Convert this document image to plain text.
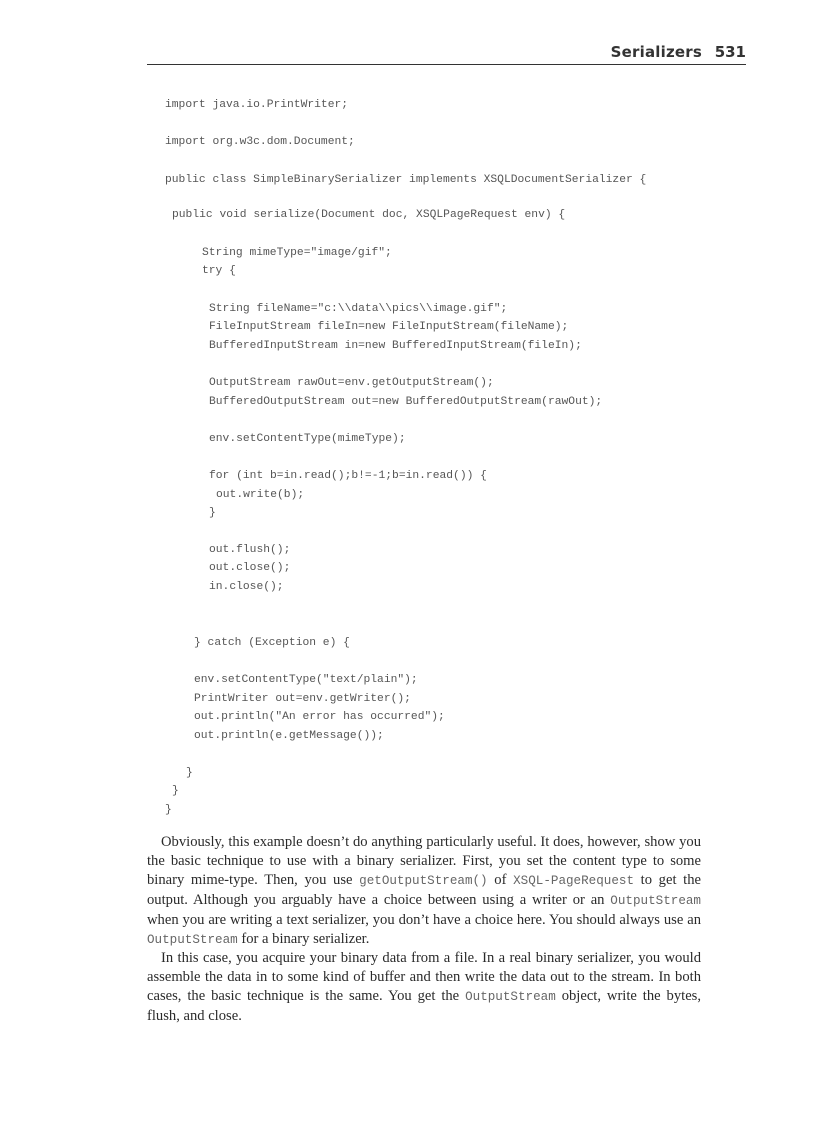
Serializers 531
import java.io.PrintWriter;
import org.w3c.dom.Document;
public class SimpleBinarySerializer implements XSQLDocumentSerializer {
public void serialize(Document doc, XSQLPageRequest env) {
String mimeType="image/gif";
try {
String fileName="c:\\data\\pics\\image.gif";
FileInputStream fileIn=new FileInputStream(fileName);
BufferedInputStream in=new BufferedInputStream(fileIn);
OutputStream rawOut=env.getOutputStream();
BufferedOutputStream out=new BufferedOutputStream(rawOut);
env.setContentType(mimeType);
for (int b=in.read();b!=-1;b=in.read()) {
out.write(b);
}
out.flush();
out.close();
in.close();
} catch (Exception e) {
env.setContentType("text/plain");
PrintWriter out=env.getWriter();
out.println("An error has occurred");
out.println(e.getMessage());
}
}
}

Obviously, this example doesn’t do anything particularly useful. It does, however, show you the basic technique to use with a binary serializer. First, you set the content type to some binary mime-type. Then, you use getOutputStream() of XSQL-PageRequest to get the output. Although you arguably have a choice between using a writer or an OutputStream when you are writing a text serializer, you don’t have a choice here. You should always use an OutputStream for a binary serializer.

In this case, you acquire your binary data from a file. In a real binary serializer, you would assemble the data in to some kind of buffer and then write the data out to the stream. In both cases, the basic technique is the same. You get the OutputStream object, write the bytes, flush, and close.
